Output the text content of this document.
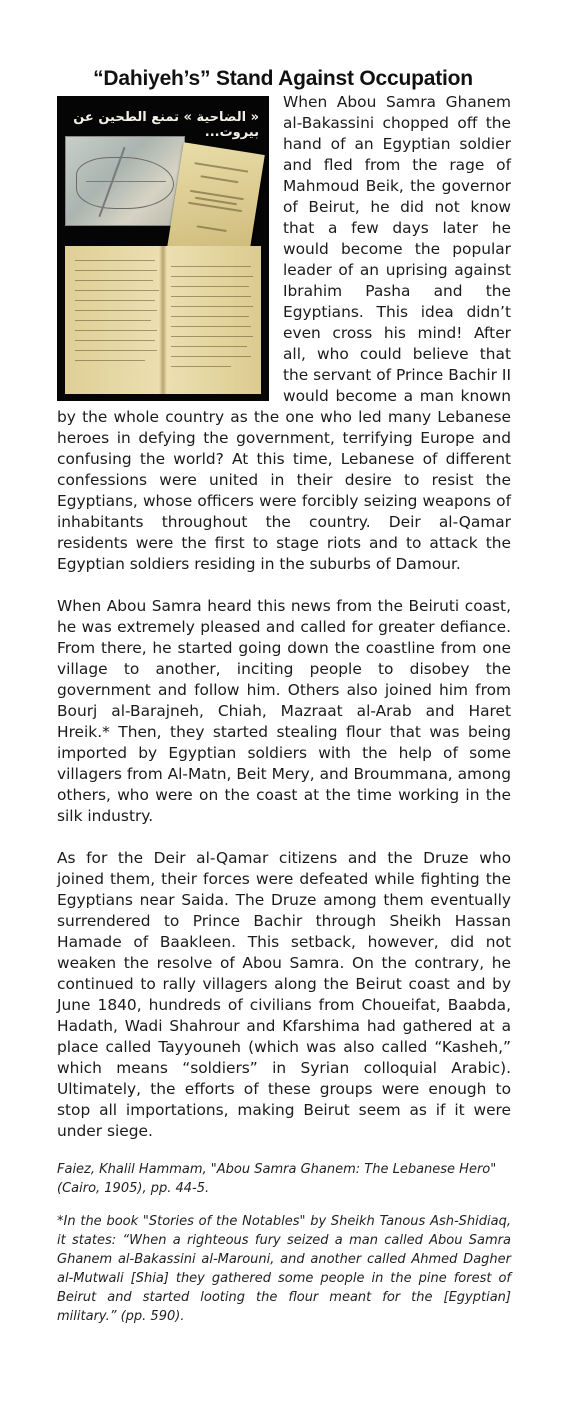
“Dahiyeh’s” Stand Against Occupation
« الضاحية » تمنع الطحين عن بيروت...

When Abou Samra Ghanem al-Bakassini chopped off the hand of an Egyptian soldier and fled from the rage of Mahmoud Beik, the governor of Beirut, he did not know that a few days later he would become the popular leader of an uprising against Ibrahim Pasha and the Egyptians. This idea didn’t even cross his mind! After all, who could believe that the servant of Prince Bachir II would become a man known by the whole country as the one who led many Lebanese heroes in defying the government, terrifying Europe and confusing the world? At this time, Lebanese of different confessions were united in their desire to resist the Egyptians, whose officers were forcibly seizing weapons of inhabitants throughout the country. Deir al-Qamar residents were the first to stage riots and to attack the Egyptian soldiers residing in the suburbs of Damour.

When Abou Samra heard this news from the Beiruti coast, he was extremely pleased and called for greater defiance. From there, he started going down the coastline from one village to another, inciting people to disobey the government and follow him. Others also joined him from Bourj al-Barajneh, Chiah, Mazraat al-Arab and Haret Hreik.* Then, they started stealing flour that was being imported by Egyptian soldiers with the help of some villagers from Al-Matn, Beit Mery, and Broummana, among others, who were on the coast at the time working in the silk industry.

As for the Deir al-Qamar citizens and the Druze who joined them, their forces were defeated while fighting the Egyptians near Saida. The Druze among them eventually surrendered to Prince Bachir through Sheikh Hassan Hamade of Baakleen. This setback, however, did not weaken the resolve of Abou Samra. On the contrary, he continued to rally villagers along the Beirut coast and by June 1840, hundreds of civilians from Choueifat, Baabda, Hadath, Wadi Shahrour and Kfarshima had gathered at a place called Tayyouneh (which was also called “Kasheh,” which means “soldiers” in Syrian colloquial Arabic). Ultimately, the efforts of these groups were enough to stop all importations, making Beirut seem as if it were under siege.

Faiez, Khalil Hammam, "Abou Samra Ghanem: The Lebanese Hero" (Cairo, 1905), pp. 44-5.

*In the book "Stories of the Notables" by Sheikh Tanous Ash-Shidiaq, it states: “When a righteous fury seized a man called Abou Samra Ghanem al-Bakassini al-Marouni, and another called Ahmed Dagher al-Mutwali [Shia] they gathered some people in the pine forest of Beirut and started looting the flour meant for the [Egyptian] military.” (pp. 590).
